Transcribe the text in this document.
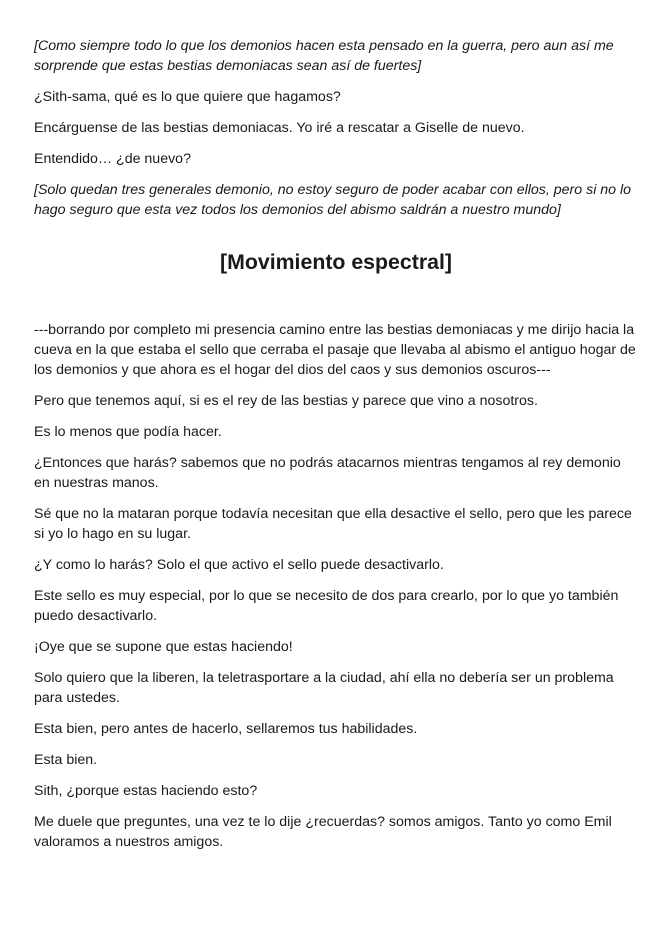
[Como siempre todo lo que los demonios hacen esta pensado en la guerra, pero aun así me sorprende que estas bestias demoniacas sean así de fuertes]

¿Sith-sama, qué es lo que quiere que hagamos?

Encárguense de las bestias demoniacas. Yo iré a rescatar a Giselle de nuevo.

Entendido… ¿de nuevo?

[Solo quedan tres generales demonio, no estoy seguro de poder acabar con ellos, pero si no lo hago seguro que esta vez todos los demonios del abismo saldrán a nuestro mundo]

[Movimiento espectral]

---borrando por completo mi presencia camino entre las bestias demoniacas y me dirijo hacia la cueva en la que estaba el sello que cerraba el pasaje que llevaba al abismo el antiguo hogar de los demonios y que ahora es el hogar del dios del caos y sus demonios oscuros---

Pero que tenemos aquí, si es el rey de las bestias y parece que vino a nosotros.

Es lo menos que podía hacer.

¿Entonces que harás? sabemos que no podrás atacarnos mientras tengamos al rey demonio en nuestras manos.

Sé que no la mataran porque todavía necesitan que ella desactive el sello, pero que les parece si yo lo hago en su lugar.

¿Y como lo harás? Solo el que activo el sello puede desactivarlo.

Este sello es muy especial, por lo que se necesito de dos para crearlo, por lo que yo también puedo desactivarlo.

¡Oye que se supone que estas haciendo!

Solo quiero que la liberen, la teletrasportare a la ciudad, ahí ella no debería ser un problema para ustedes.

Esta bien, pero antes de hacerlo, sellaremos tus habilidades.

Esta bien.

Sith, ¿porque estas haciendo esto?

Me duele que preguntes, una vez te lo dije ¿recuerdas? somos amigos. Tanto yo como Emil valoramos a nuestros amigos.
